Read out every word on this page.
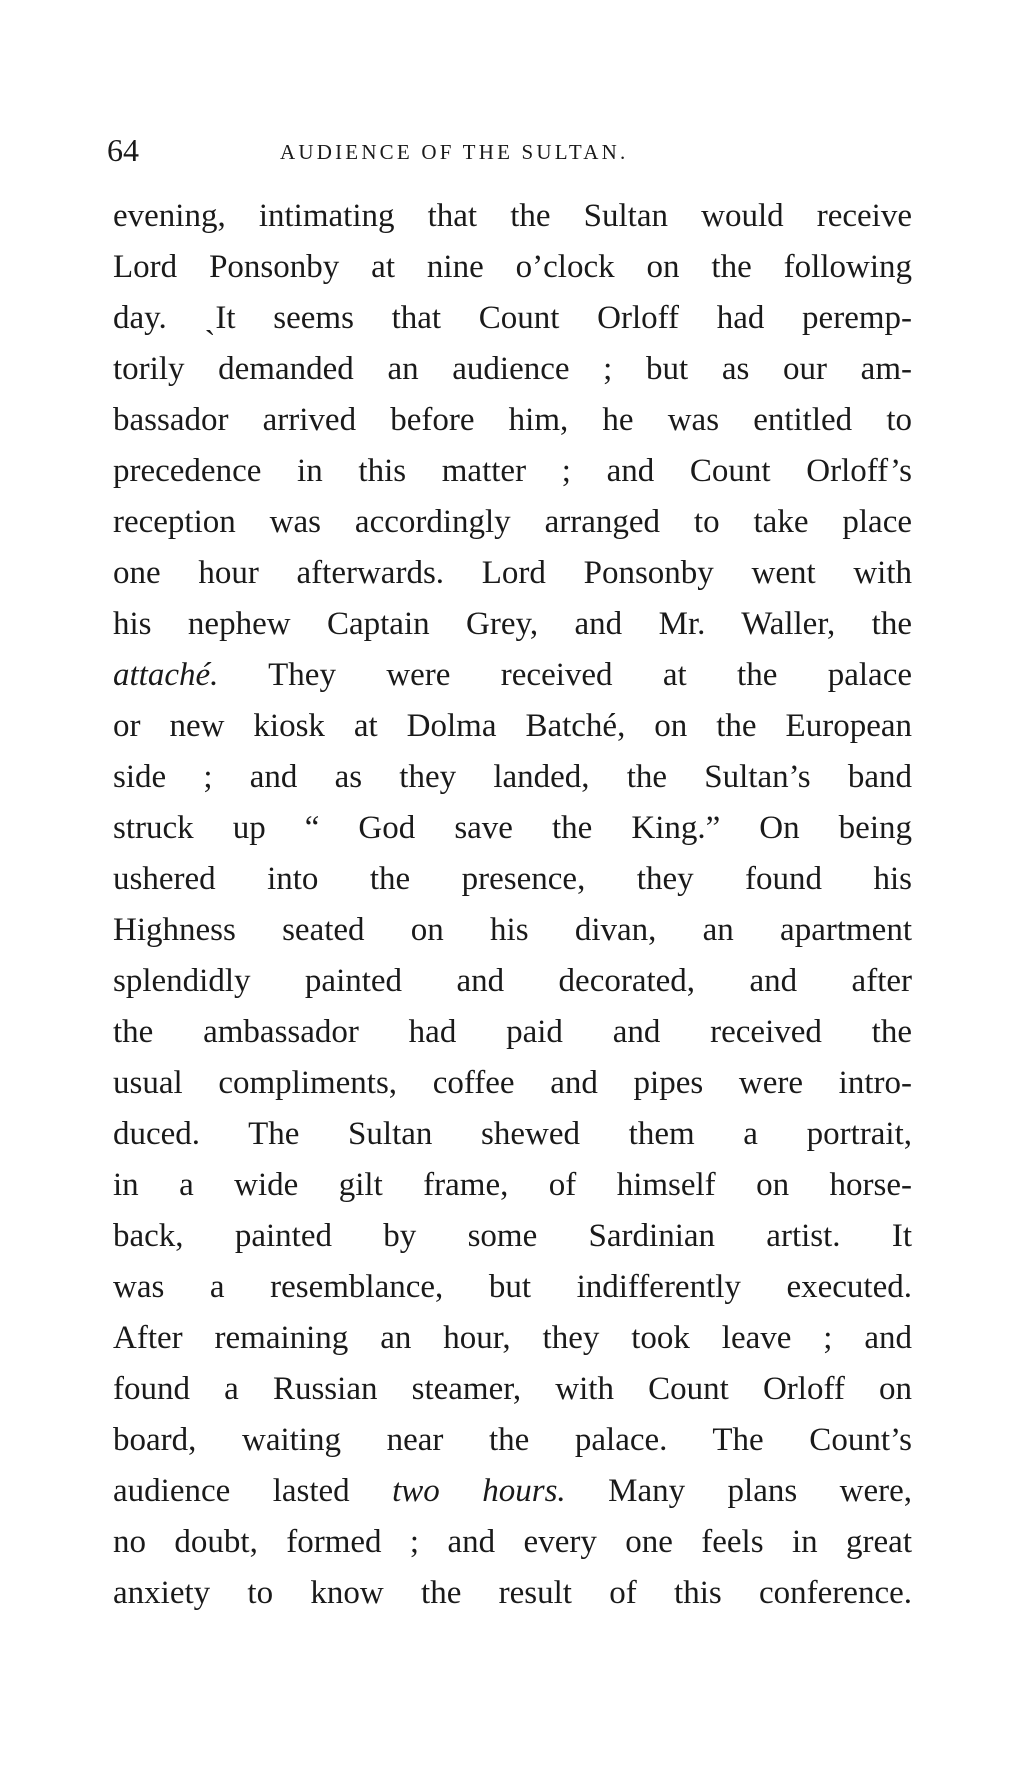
64	AUDIENCE OF THE SULTAN.
evening, intimating that the Sultan would receive
Lord Ponsonby at nine o’clock on the following
day. ˎIt seems that Count Orloff had peremp-
torily demanded an audience ; but as our am-
bassador arrived before him, he was entitled to
precedence in this matter ; and Count Orloff’s
reception was accordingly arranged to take place
one hour afterwards. Lord Ponsonby went with
his nephew Captain Grey, and Mr. Waller, the
attaché. They were received at the palace
or new kiosk at Dolma Batché, on the European
side ; and as they landed, the Sultan’s band
struck up “ God save the King.” On being
ushered into the presence, they found his
Highness seated on his divan, an apartment
splendidly painted and decorated, and after
the ambassador had paid and received the
usual compliments, coffee and pipes were intro-
duced. The Sultan shewed them a portrait,
in a wide gilt frame, of himself on horse-
back, painted by some Sardinian artist. It
was a resemblance, but indifferently executed.
After remaining an hour, they took leave ; and
found a Russian steamer, with Count Orloff on
board, waiting near the palace. The Count’s
audience lasted two hours. Many plans were,
no doubt, formed ; and every one feels in great
anxiety to know the result of this conference.
